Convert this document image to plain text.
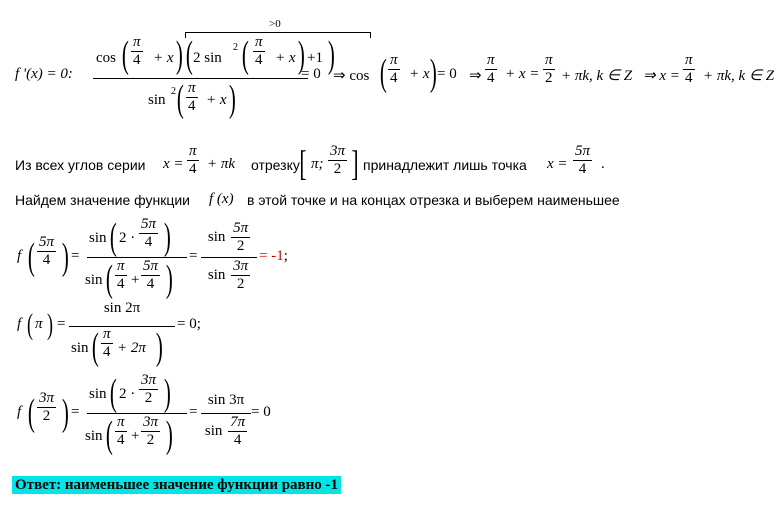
f '(x) = 0:
cos ( $\frac{\pi}{4} + x$ )
>0
( 2 sin
2 ( $\frac{\pi}{4} + x$ ) +1 )
sin
2 ( $\frac{\pi}{4} + x$ )
= 0 ⇒ cos ( $\frac{\pi}{4} + x$ ) = 0 ⇒ $\frac{\pi}{4} + x = \frac{\pi}{2} + \pi k$, k ∈ Z ⇒ $x = \frac{\pi}{4} + \pi k$, k ∈ Z
Из всех углов серии $x = \frac{\pi}{4} + \pi k$ отрезку [ π; $\frac{3\pi}{2}$ ] принадлежит лишь точка $x = \frac{5\pi}{4}$ .
Найдем значение функции f (x) в этой точке и на концах отрезка и выберем наименьшее
f ( $\frac{5\pi}{4}$ ) =
sin ( $2 \cdot \frac{5\pi}{4}$ )
sin ( $\frac{\pi}{4} + \frac{5\pi}{4}$ )
=
$\sin \frac{5\pi}{2}$
$\sin \frac{3\pi}{2}$
= -1;
f ( π ) =
sin 2π
sin ( $\frac{\pi}{4} + 2\pi$ )
= 0;
f ( $\frac{3\pi}{2}$ ) =
sin ( $2 \cdot \frac{3\pi}{2}$ )
sin ( $\frac{\pi}{4} + \frac{3\pi}{2}$ )
=
sin 3π
$\sin \frac{7\pi}{4}$
= 0
Ответ: наименьшее значение функции равно -1
